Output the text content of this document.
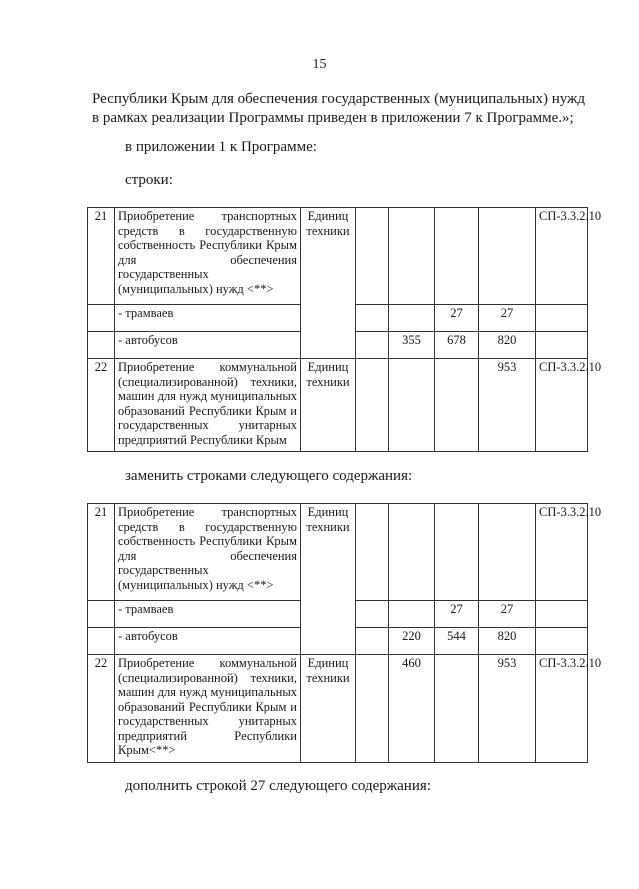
15
Республики Крым для обеспечения государственных (муниципальных) нужд в рамках реализации Программы приведен в приложении 7 к Программе.»;
в приложении 1 к Программе:
строки:
21	Приобретение транспортных средств в государственную собственность Республики Крым для обеспечения государственных (муниципальных) нужд <**>	Единиц техники					СП-3.3.2.10
	- трамваев				27	27	
	- автобусов			355	678	820	
22	Приобретение коммунальной (специализированной) техники, машин для нужд муниципальных образований Республики Крым и государственных унитарных предприятий Республики Крым	Единиц техники				953	СП-3.3.2.10
заменить строками следующего содержания:
21	Приобретение транспортных средств в государственную собственность Республики Крым для обеспечения государственных (муниципальных) нужд <**>	Единиц техники					СП-3.3.2.10
	- трамваев				27	27	
	- автобусов			220	544	820	
22	Приобретение коммунальной (специализированной) техники, машин для нужд муниципальных образований Республики Крым и государственных унитарных предприятий Республики Крым<**>	Единиц техники		460		953	СП-3.3.2.10
дополнить строкой 27 следующего содержания:
